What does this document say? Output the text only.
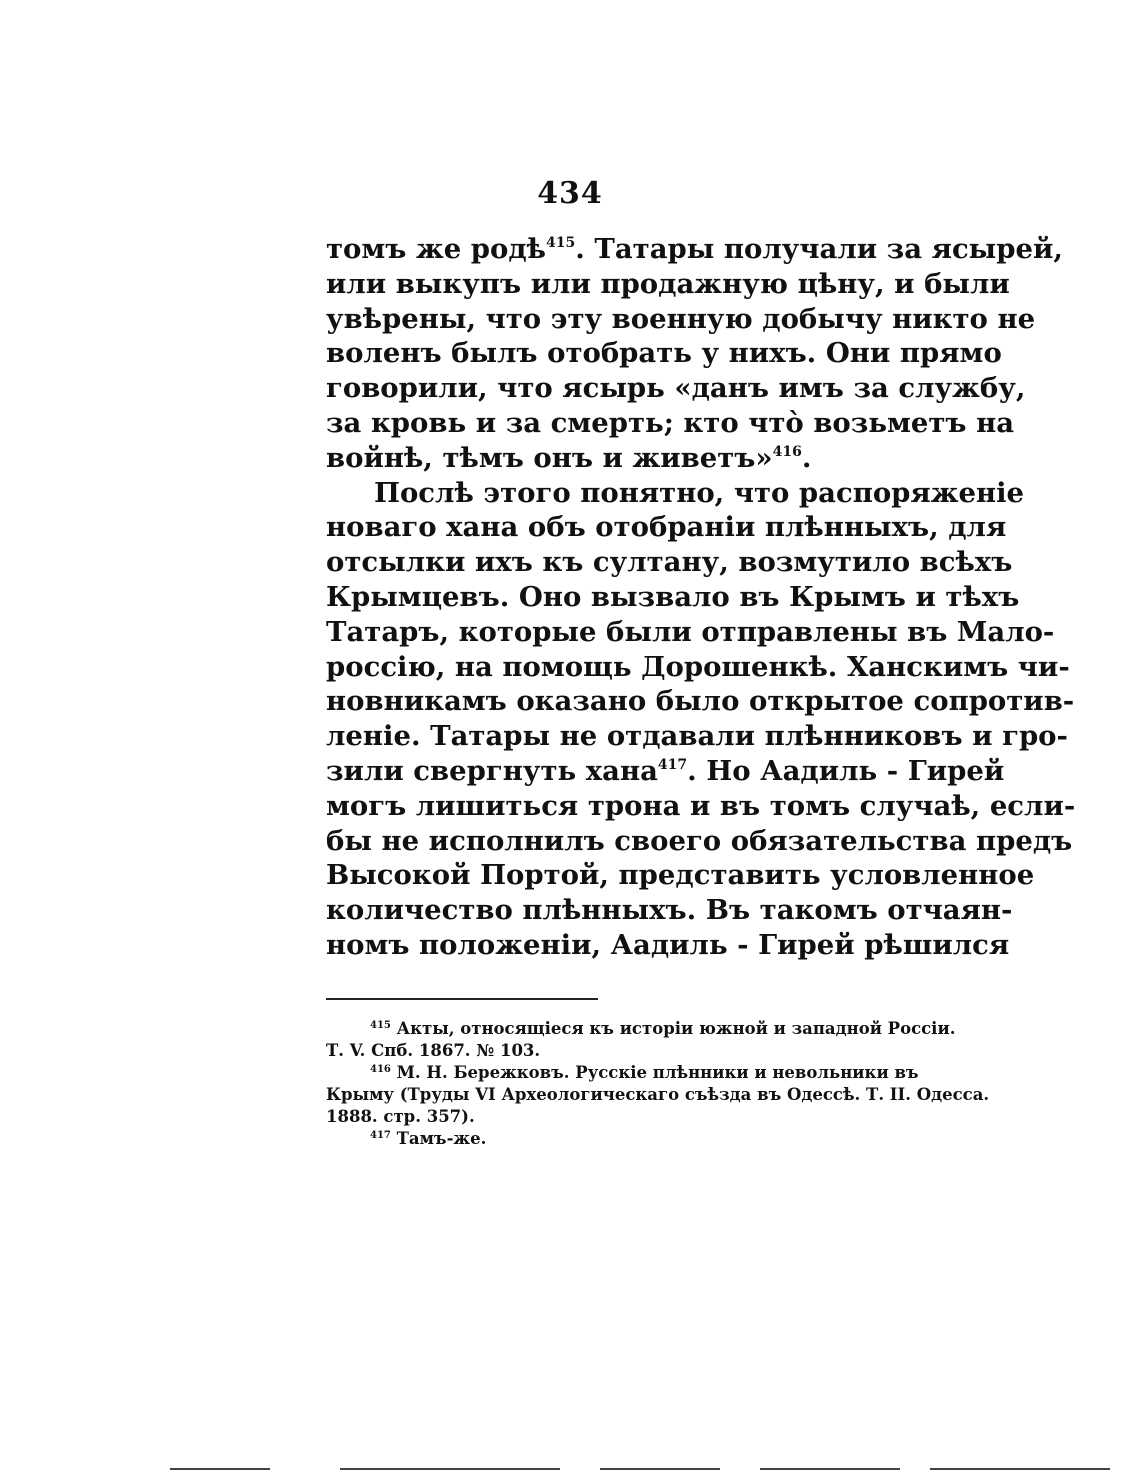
434
томъ же родѣ$^{415}$. Татары получали за ясырей,
или выкупъ или продажную цѣну, и были
увѣрены, что эту военную добычу никто не
воленъ былъ отобрать у нихъ. Они прямо
говорили, что ясырь «данъ имъ за службу,
за кровь и за смерть; кто что̀ возьметъ на
войнѣ, тѣмъ онъ и живетъ»$^{416}$.
Послѣ этого понятно, что распоряженіе
новаго хана объ отобраніи плѣнныхъ, для
отсылки ихъ къ султану, возмутило всѣхъ
Крымцевъ. Оно вызвало въ Крымъ и тѣхъ
Татаръ, которые были отправлены въ Мало-
россію, на помощь Дорошенкѣ. Ханскимъ чи-
новникамъ оказано было открытое сопротив-
леніе. Татары не отдавали плѣнниковъ и гро-
зили свергнуть хана$^{417}$. Но Аадиль - Гирей
могъ лишиться трона и въ томъ случаѣ, если-
бы не исполнилъ своего обязательства предъ
Высокой Портой, представить условленное
количество плѣнныхъ. Въ такомъ отчаян-
номъ положеніи, Аадиль - Гирей рѣшился
$^{415}$ Акты, относящіеся къ исторіи южной и западной Россіи.
Т. V. Спб. 1867. № 103.
$^{416}$ М. Н. Бережковъ. Русскіе плѣнники и невольники въ
Крыму (Труды VI Археологическаго съѣзда въ Одессѣ. Т. II. Одесса.
1888. стр. 357).
$^{417}$ Тамъ-же.
